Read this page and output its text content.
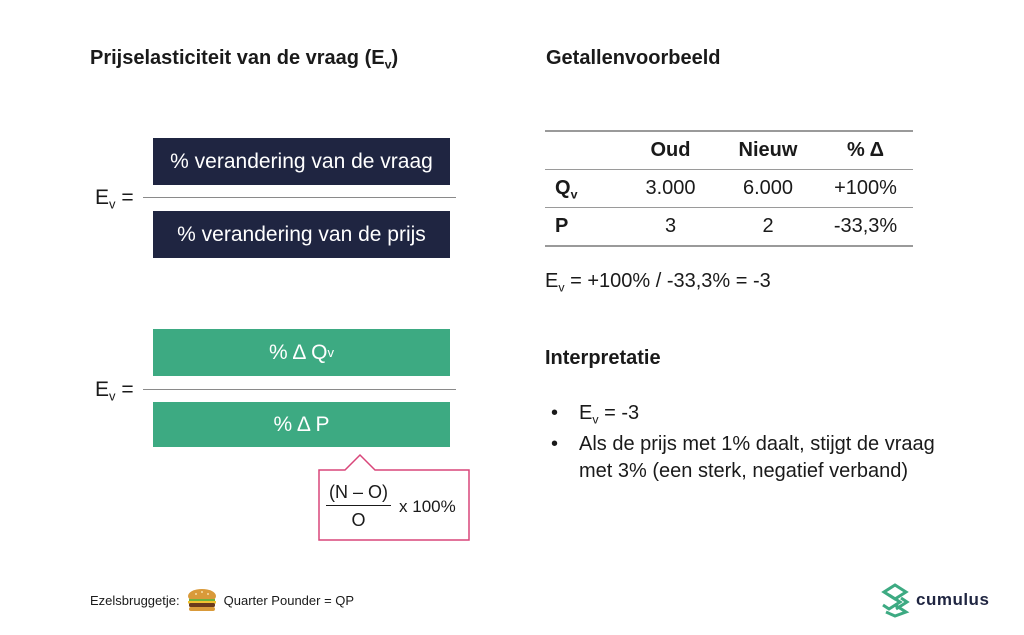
Prijselasticiteit van de vraag $(E_v)$
$E_v$ =
% verandering van de vraag
% verandering van de prijs
$E_v$ =
% Δ Q v
% Δ P
$\frac{(N - O)}{O}$ x 100%
Getallenvoorbeeld
	Oud	Nieuw	% Δ
$Q_v$	3.000	6.000	+100%
P	3	2	-33,3%
$E_v = +100\% / -33,3\% = -3$
Interpretatie
• $E_v = -3$
• Als de prijs met 1% daalt, stijgt de vraag met 3% (een sterk, negatief verband)
Ezelsbruggetje:	Quarter Pounder = QP	cumulus
